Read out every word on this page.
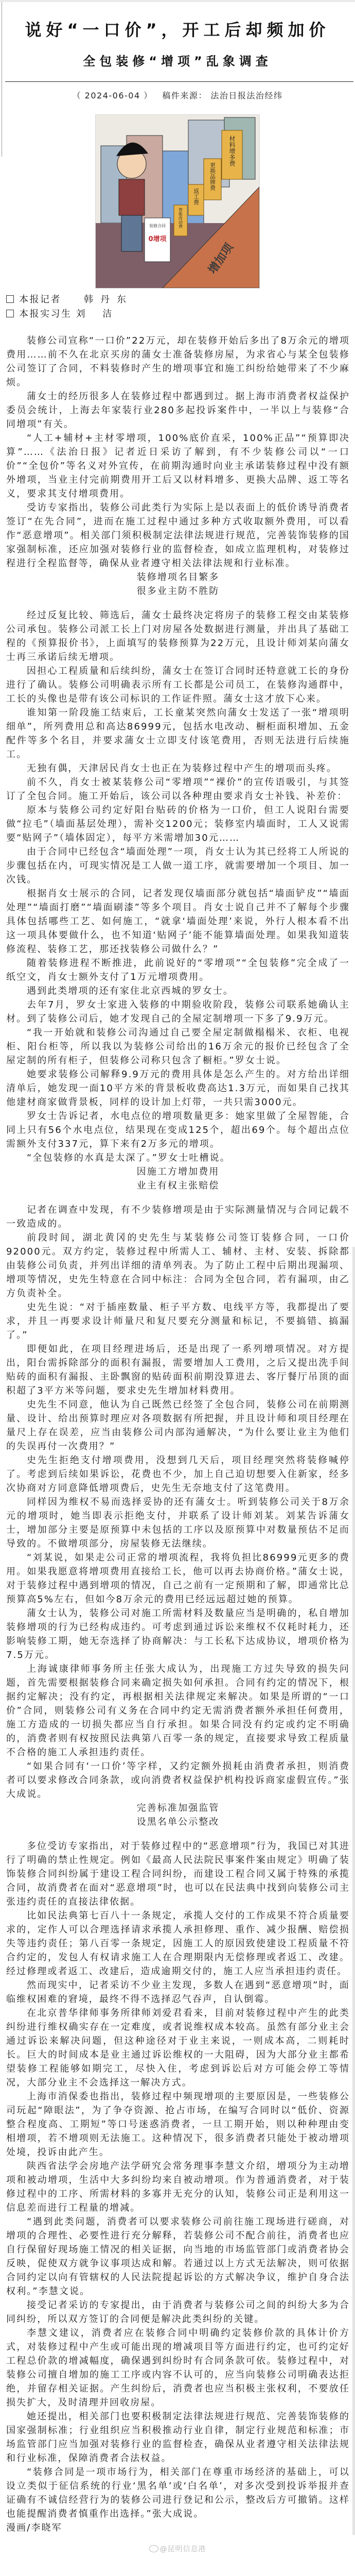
说好“一口价”，开工后却频加价
全包装修“增项”乱象调查
（ 2024-06-04 ） 稿件来源： 法治日报法治经纬
装修合同
0增项
材料增多费
更换品牌费
返工费
智能改动费
增加项
本报记者 韩丹东
本报实习生 刘 洁

装修公司宣称“一口价”22万元，却在装修开始后多出了8万余元的增项费用……前不久在北京买房的蒲女士准备装修房屋，为求省心与某全包装修公司签订了合同，不料装修时产生的增项事宜和施工纠纷给她带来了不少麻烦。

蒲女士的经历很多人在装修过程中都遇到过。据上海市消费者权益保护委员会统计，上海去年家装行业280多起投诉案件中，一半以上与装修“合同增项”有关。

“人工+辅材+主材零增项，100%底价直采，100%正品”“预算即决算”……《法治日报》记者近日采访了解到，有不少装修公司以“一口价”“全包价”等名义对外宣传，在前期沟通时向业主承诺装修过程中没有额外增项，当业主付完前期费用开工后又以材料增多、更换大品牌、返工等名义，要求其支付增项费用。

受访专家指出，装修公司此类行为实际上是以表面上的低价诱导消费者签订“在先合同”，进而在施工过程中通过多种方式收取额外费用，可以看作“恶意增项”。相关部门须积极制定法律法规进行规范，完善装饰装修的国家强制标准，还应加强对装修行业的监督检查，如成立监理机构，对装修过程进行全程监督等，确保从业者遵守相关法律法规和行业标准。

装修增项名目繁多

很多业主防不胜防

经过反复比较、筛选后，蒲女士最终决定将房子的装修工程交由某装修公司承包。装修公司派工长上门对房屋各处数据进行测量，并出具了基础工程的《预算报价书》，上面填写的装修预算为22万元，且设计师刘某向蒲女士再三承诺后续无增项。

因担心工程质量和后续纠纷，蒲女士在签订合同时还特意就工长的身份进行了确认。装修公司明确表示所有工长都是公司员工，在装修沟通群中，工长的头像也是带有该公司标识的工作证件照。蒲女士这才放下心来。

谁知第一阶段施工结束后，工长童某突然向蒲女士发送了一张“增项明细单”，所列费用总和高达86999元，包括水电改动、橱柜面积增加、五金配件等多个名目，并要求蒲女士立即支付该笔费用，否则无法进行后续施工。

无独有偶，天津居民肖女士也正在为装修过程中产生的增项而头疼。

前不久，肖女士被某装修公司“零增项”“裸价”的宣传语吸引，与其签订了全包合同。施工开始后，该公司以各种理由要求肖女士补钱、补差价：

原本与装修公司约定好阳台贴砖的价格为一口价，但工人说阳台需要做“拉毛”（墙面基层处理），需补交1200元；装修室内墙面时，工人又说需要“贴网子”（墙体固定），每平方米需增加30元……

由于合同中已经包含“墙面处理”一项，肖女士认为其已经将工人所说的步骤包括在内，可现实情况是工人做一道工序，就需要增加一个项目、加一次钱。

根据肖女士展示的合同，记者发现仅墙面部分就包括“墙面铲皮”“墙面处理”“墙面打磨”“墙面刷漆”等多个项目。肖女士说自己并不了解每个步骤具体包括哪些工艺、如何施工，“就拿‘墙面处理’来说，外行人根本看不出这一项具体要做什么，也不知道‘贴网子’能不能算墙面处理。如果我知道装修流程、装修工艺，那还找装修公司做什么？”

随着装修进程不断推进，此前说好的“零增项”“全包装修”完全成了一纸空文，肖女士额外支付了1万元增项费用。

遇到此类增项的还有家住北京西城的罗女士。

去年7月，罗女士家进入装修的中期验收阶段，装修公司联系她确认主材。到了装修公司后，她才发现自己的全屋定制增项一下多了9.9万元。

“我一开始就和装修公司沟通过自己要全屋定制做榻榻米、衣柜、电视柜、阳台柜等，所以我以为装修公司给出的16万余元的报价已经包含了全屋定制的所有柜子，但装修公司称只包含了橱柜。”罗女士说。

她要求装修公司解释9.9万元的费用具体是怎么产生的。对方给出详细清单后，她发现一面10平方米的背景板收费高达1.3万元，而如果自己找其他建材商家做背景板，同样的设计加上灯带，一共只需3000元。

罗女士告诉记者，水电点位的增项数量更多：她家里做了全屋智能，合同上只有56个水电点位，结果现在变成125个，超出69个。每个超出点位需额外支付337元，算下来有2万多元的增项。

“全包装修的水真是太深了。”罗女士吐槽说。

因施工方增加费用

业主有权主张赔偿

记者在调查中发现，有不少装修增项是由于实际测量情况与合同记载不一致造成的。

前段时间，湖北黄冈的史先生与某装修公司签订装修合同，一口价92000元。双方约定，装修过程中所需人工、辅材、主材、安装、拆除都由装修公司负责，并列出详细的清单列表。为了防止工程中后期出现漏项、增项等情况，史先生特意在合同中标注：合同为全包合同，若有漏项，由乙方负责补全。

史先生说：“对于插座数量、柜子平方数、电线平方等，我都提出了要求，并且一再要求设计师量尺和复尺要充分测量和标记，不要搞错、搞漏了。”

即便如此，在项目经理进场后，还是出现了一系列增项情况。对方提出，阳台需拆除部分的面积有漏报，需要增加人工费用，之后又提出洗手间贴砖的面积有漏报、主卧飘窗的贴砖面积前期没算进去、客厅餐厅吊顶的面积超了3平方米等问题，要求史先生增加材料费用。

史先生不同意，他认为自己既然已经签了全包合同，装修公司在前期测量、设计、给出预算时理应对各项数据有所把握，并且设计师和项目经理在量尺上存在误差，应当由装修公司内部沟通解决，“为什么要让业主为他们的失误再付一次费用？”

史先生拒绝支付增项费用，没想到几天后，项目经理突然将装修喊停了。考虑到后续如果诉讼，花费也不少，加上自己迫切想要入住新家，经多次协商对方同意降低增项费后，史先生无奈地支付了这笔费用。

同样因为维权不易而选择妥协的还有蒲女士。听到装修公司关于8万余元的增项时，她当即表示拒绝支付，并联系了设计师刘某。刘某告诉蒲女士，增加部分主要是原预算中未包括的工序以及原预算中对数量预估不足而导致的。不做增项部分，房屋装修无法继续。

“刘某说，如果走公司正常的增项流程，我将负担比86999元更多的费用。如果我愿意将增项费用直接给工长，他可以再去协商价格。”蒲女士说，对于装修过程中遇到增项的情况，自己之前有一定预期和了解，即通常比总预算高5%左右，但如今8万余元的费用已经远远超过她的预算。

蒲女士认为，装修公司对施工所需材料及数量应当是明确的，私自增加装修增项的行为已经构成违约。可考虑到通过诉讼来维权不仅耗时耗力，还影响装修工期，她无奈选择了协商解决：与工长私下达成协议，增项价格为7.5万元。

上海诚康律师事务所主任张大成认为，出现施工方过失导致的损失问题，首先需要根据装修合同来确定损失如何承担。合同有约定的情况下，根据约定解决；没有约定，再根据相关法律规定来解决。如果是所谓的“一口价”合同，则装修公司有义务在合同中约定无需消费者额外承担任何费用，施工方造成的一切损失都应当自行承担。如果合同没有约定或约定不明确的，消费者则有权按照民法典第八百零一条的规定，直接要求导致工程质量不合格的施工人承担违约责任。

“如果合同有‘一口价’等字样，又约定额外损耗由消费者承担，则消费者可以要求修改合同条款，或向消费者权益保护机构投诉商家虚假宣传。”张大成说。

完善标准加强监管

设黑名单公示整改

多位受访专家指出，对于装修过程中的“恶意增项”行为，我国已对其进行了明确的禁止性规定。例如《最高人民法院民事案件案由规定》明确了装饰装修合同纠纷属于建设工程合同纠纷，而建设工程合同又属于特殊的承揽合同，故消费者在面对“恶意增项”时，也可以在民法典中找到向装修公司主张违约责任的直接法律依据。

比如民法典第七百八十一条规定，承揽人交付的工作成果不符合质量要求的，定作人可以合理选择请求承揽人承担修理、重作、减少报酬、赔偿损失等违约责任；第八百零一条规定，因施工人的原因致使建设工程质量不符合约定的，发包人有权请求施工人在合理期限内无偿修理或者返工、改建。经过修理或者返工、改建后，造成逾期交付的，施工人应当承担违约责任。

然而现实中，记者采访不少业主发现，多数人在遇到“恶意增项”时，面临维权困难的窘境，最终不得不选择忍气吞声，自认倒霉。

在北京普华律师事务所律师刘爱君看来，目前对装修过程中产生的此类纠纷进行维权确实存在一定难度，或者说维权成本较高。虽然有部分业主会通过诉讼来解决问题，但这种途径对于业主来说，一则成本高，二则耗时长。巨大的时间成本是业主通过诉讼维权的一大阻碍，因为大部分业主都希望装修工程能够如期完工，尽快入住，考虑到诉讼后对方可能会停工等情况，大部分业主不会选择这一解决方式。

上海市消保委也指出，装修过程中频现增项的主要原因是，一些装修公司玩起“障眼法”，为了争夺资源、抢占市场，在编写合同时以“低价、资源整合程度高、工期短”等口号迷惑消费者，一旦工期开始，则以种种理由变相增项，若不增项则无法施工。这种情况下，很多消费者只能处于被动增项处境，投诉由此产生。

陕西省法学会房地产法学研究会常务理事李慧文介绍，增项分为主动增项和被动增项，生活中大多纠纷均来自被动增项。作为普通消费者，对于装修过程中的工序、所需材料的多寡并无充分的认知，装修公司正是利用这一信息差而进行工程量的增减。

“遇到此类问题，消费者可以要求装修公司前往施工现场进行磋商，对增项的合理性、必要性进行充分解释，若装修公司不配合前往，消费者也应自行保留好现场施工情况的相关证据，向当地的市场监管部门或消费者协会反映，促使双方就争议事项达成和解。若通过以上方式无法解决，则可依据合同约定以向有管辖权的人民法院提起诉讼的方式解决争议，维护自身合法权利。”李慧文说。

接受记者采访的专家提出，由于消费者与装修公司之间的纠纷大多为合同纠纷，所以双方签订的合同便是解决此类纠纷的关键。

李慧文建议，消费者应在装修合同中明确约定装修价款的具体计价方式，对装修过程中产生或可能出现的增减项目等方面进行约定，也可约定好工程总价款的增减幅度，确保遇到纠纷时有合同条款可依。装修过程中，对装修公司擅自增加的施工工序或内容不认可的，应当向装修公司明确表达拒绝，并留存相关证据。产生纠纷后，消费者也应当积极主张权利，不要放任损失扩大，及时清理并回收房屋。

她还提出，相关部门也要积极制定法律法规进行规范、完善装饰装修的国家强制标准；行业组织应当积极推动行业自律，制定行业规范和标准；市场监管部门应当加强对装修行业的监督检查，确保从业者遵守相关法律法规和行业标准，保障消费者合法权益。

“装修合同是一项市场行为，相关部门在尊重市场经济的基础上，可以设立类似于征信系统的行业‘黑名单’或‘白名单’，对多次受到投诉举报并查证确有不诚信经营行为的装修公司进行登记和公示，整改后方可撤销。这样也能提醒消费者慎重作出选择。”张大成说。

漫画/李晓军
@昆明信息港
